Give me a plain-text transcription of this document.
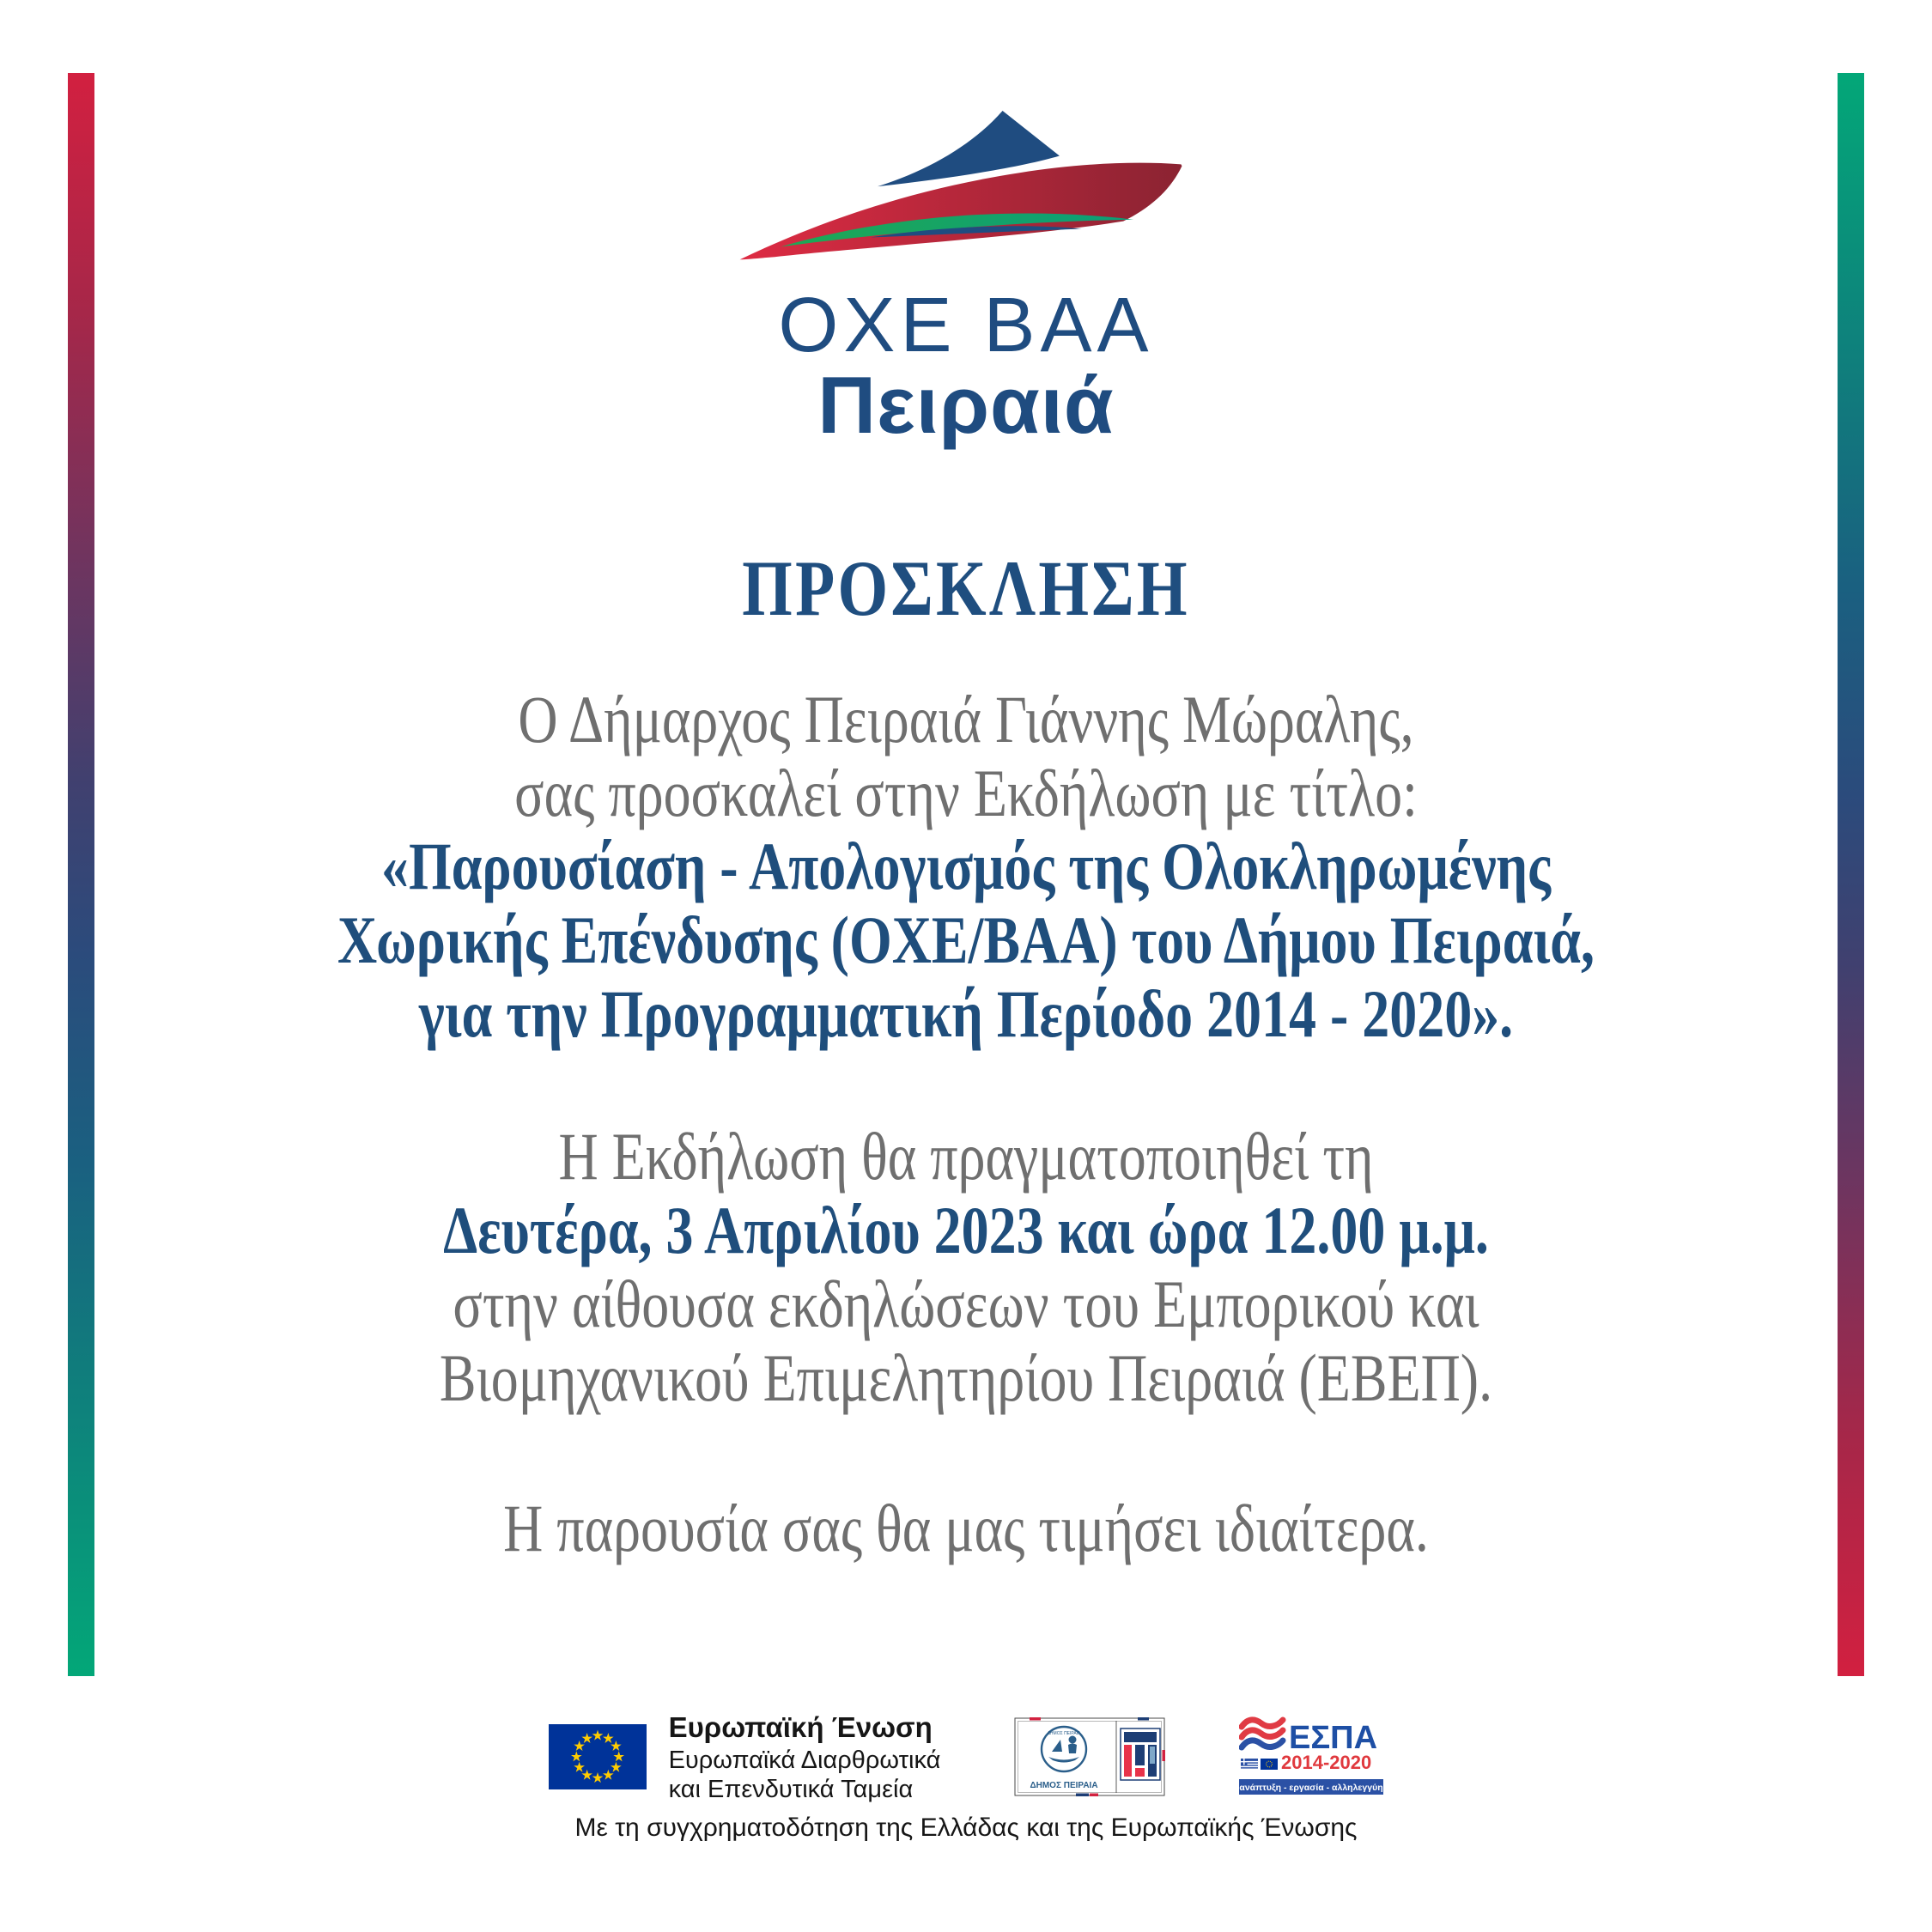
ΟΧΕ ΒΑΑ
Πειραιά
ΠΡΟΣΚΛΗΣΗ
Ο Δήμαρχος Πειραιά Γιάννης Μώραλης,
σας προσκαλεί στην Εκδήλωση με τίτλο:
«Παρουσίαση - Απολογισμός της Ολοκληρωμένης
Χωρικής Επένδυσης (ΟΧΕ/ΒΑΑ) του Δήμου Πειραιά,
για την Προγραμματική Περίοδο 2014 - 2020».
Η Εκδήλωση θα πραγματοποιηθεί τη
Δευτέρα, 3 Απριλίου 2023 και ώρα 12.00 μ.μ.
στην αίθουσα εκδηλώσεων του Εμπορικού και
Βιομηχανικού Επιμελητηρίου Πειραιά (ΕΒΕΠ).
Η παρουσία σας θα μας τιμήσει ιδιαίτερα.
Ευρωπαϊκή Ένωση
Ευρωπαϊκά Διαρθρωτικά
και Επενδυτικά Ταμεία
ΔΗΜΟΣ ΠΕΙΡΑΙΑ
ΔΗΜΟΣ ΠΕΙΡΑΙΑ
ΕΣΠΑ
2014-2020
ανάπτυξη - εργασία - αλληλεγγύη
Με τη συγχρηματοδότηση της Ελλάδας και της Ευρωπαϊκής Ένωσης
